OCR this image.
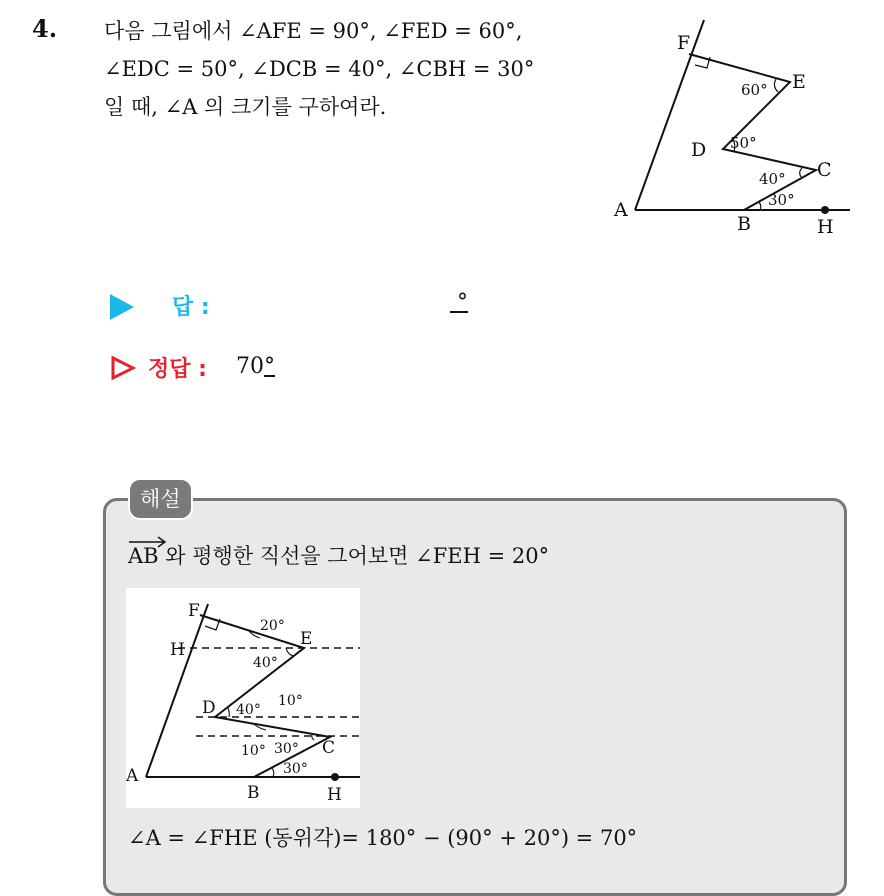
4. 다음 그림에서 ∠AFE = 90°, ∠FED = 60°,
∠EDC = 50°, ∠DCB = 40°, ∠CBH = 30°
일 때, ∠A 의 크기를 구하여라.
F
E
D
C
A
B	H
60°
50°
40°
30°
답 :	°
정답 : 70°
해설
AB 와 평행한 직선을 그어보면 ∠FEH = 20°
F
E
H
D
C
A
B	H
20°
40°
40°
10°
10° 30°
30°
∠A = ∠FHE (동위각)= 180° − (90° + 20°) = 70°
